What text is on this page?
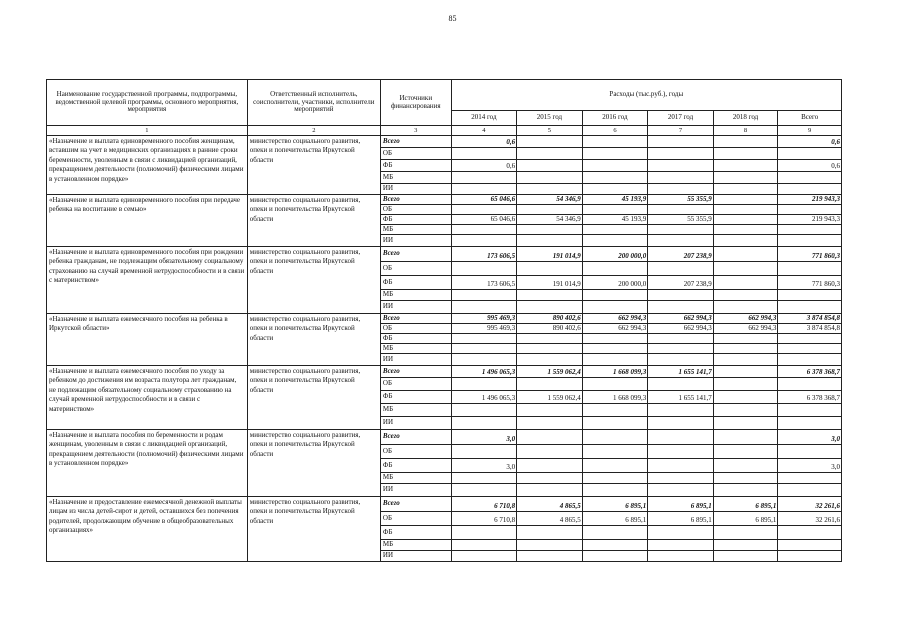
85
Наименование государственной программы, подпрограммы, ведомственной целевой программы, основного мероприятия, мероприятия	Ответственный исполнитель, соисполнители, участники, исполнители мероприятий	Источники финансирования	Расходы (тыс.руб.), годы					
			2014 год	2015 год	2016 год	2017 год	2018 год	Всего
1	2	3	4	5	6	7	8	9
«Назначение и выплата единовременного пособия женщинам, вставшим на учет в медицинских организациях в ранние сроки беременности, уволенным в связи с ликвидацией организаций, прекращением деятельности (полномочий) физическими лицами в установленном порядке»	министерство социального развития, опеки и попечительства Иркутской области	Всего	0,6					0,6
		ОБ						
		ФБ	0,6					0,6
		МБ						
		ИИ						
«Назначение и выплата единовременного пособия при передаче ребенка на воспитание в семью»	министерство социального развития, опеки и попечительства Иркутской области	Всего	65 046,6	54 346,9	45 193,9	55 355,9		219 943,3
		ОБ						
		ФБ	65 046,6	54 346,9	45 193,9	55 355,9		219 943,3
		МБ						
		ИИ						
«Назначение и выплата единовременного пособия при рождении ребенка гражданам, не подлежащим обязательному социальному страхованию на случай временной нетрудоспособности и в связи с материнством»	министерство социального развития, опеки и попечительства Иркутской области	Всего	173 606,5	191 014,9	200 000,0	207 238,9		771 860,3
		ОБ						
		ФБ	173 606,5	191 014,9	200 000,0	207 238,9		771 860,3
		МБ						
		ИИ						
«Назначение и выплата ежемесячного пособия на ребенка в Иркутской области»	министерство социального развития, опеки и попечительства Иркутской области	Всего	995 469,3	890 402,6	662 994,3	662 994,3	662 994,3	3 874 854,8
		ОБ	995 469,3	890 402,6	662 994,3	662 994,3	662 994,3	3 874 854,8
		ФБ						
		МБ						
		ИИ						
«Назначение и выплата ежемесячного пособия по уходу за ребенком до достижения им возраста полутора лет гражданам, не подлежащим обязательному социальному страхованию на случай временной нетрудоспособности и в связи с материнством»	министерство социального развития, опеки и попечительства Иркутской области	Всего	1 496 065,3	1 559 062,4	1 668 099,3	1 655 141,7		6 378 368,7
		ОБ						
		ФБ	1 496 065,3	1 559 062,4	1 668 099,3	1 655 141,7		6 378 368,7
		МБ						
		ИИ						
«Назначение и выплата пособия по беременности и родам женщинам, уволенным в связи с ликвидацией организаций, прекращением деятельности (полномочий) физическими лицами в установленном порядке»	министерство социального развития, опеки и попечительства Иркутской области	Всего	3,0					3,0
		ОБ						
		ФБ	3,0					3,0
		МБ						
		ИИ						
«Назначение и предоставление ежемесячной денежной выплаты лицам из числа детей-сирот и детей, оставшихся без попечения родителей, продолжающим обучение в общеобразовательных организациях»	министерство социального развития, опеки и попечительства Иркутской области	Всего	6 710,8	4 865,5	6 895,1	6 895,1	6 895,1	32 261,6
		ОБ	6 710,8	4 865,5	6 895,1	6 895,1	6 895,1	32 261,6
		ФБ						
		МБ						
		ИИ						
